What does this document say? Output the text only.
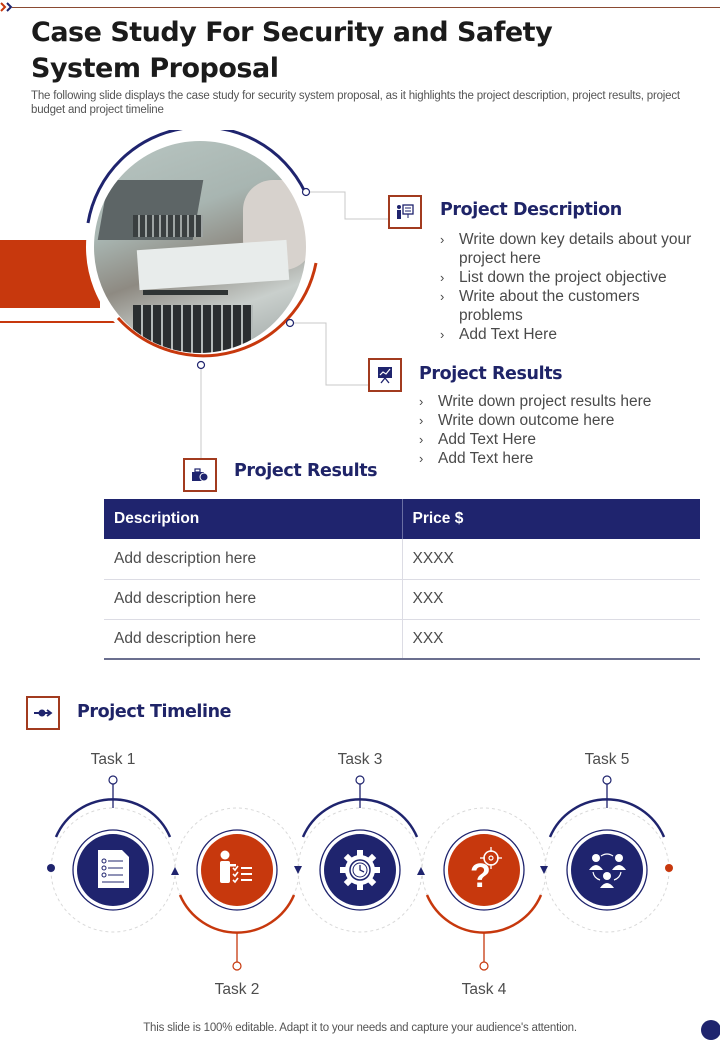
Case Study For Security and Safety System Proposal

The following slide displays the case study for security system proposal, as it highlights the project description, project results, project budget and project timeline

Project Description
› Write down key details about your project here
› List down the project objective
› Write about the customers problems
› Add Text Here
Project Results
› Write down project results here
› Write down outcome here
› Add Text Here
› Add Text here
Project Results
Description	Price $
Add description here	XXXX
Add description here	XXX
Add description here	XXX
Project Timeline
?
Task 1
Task 2
Task 3
Task 4
Task 5

This slide is 100% editable. Adapt it to your needs and capture your audience's attention.
